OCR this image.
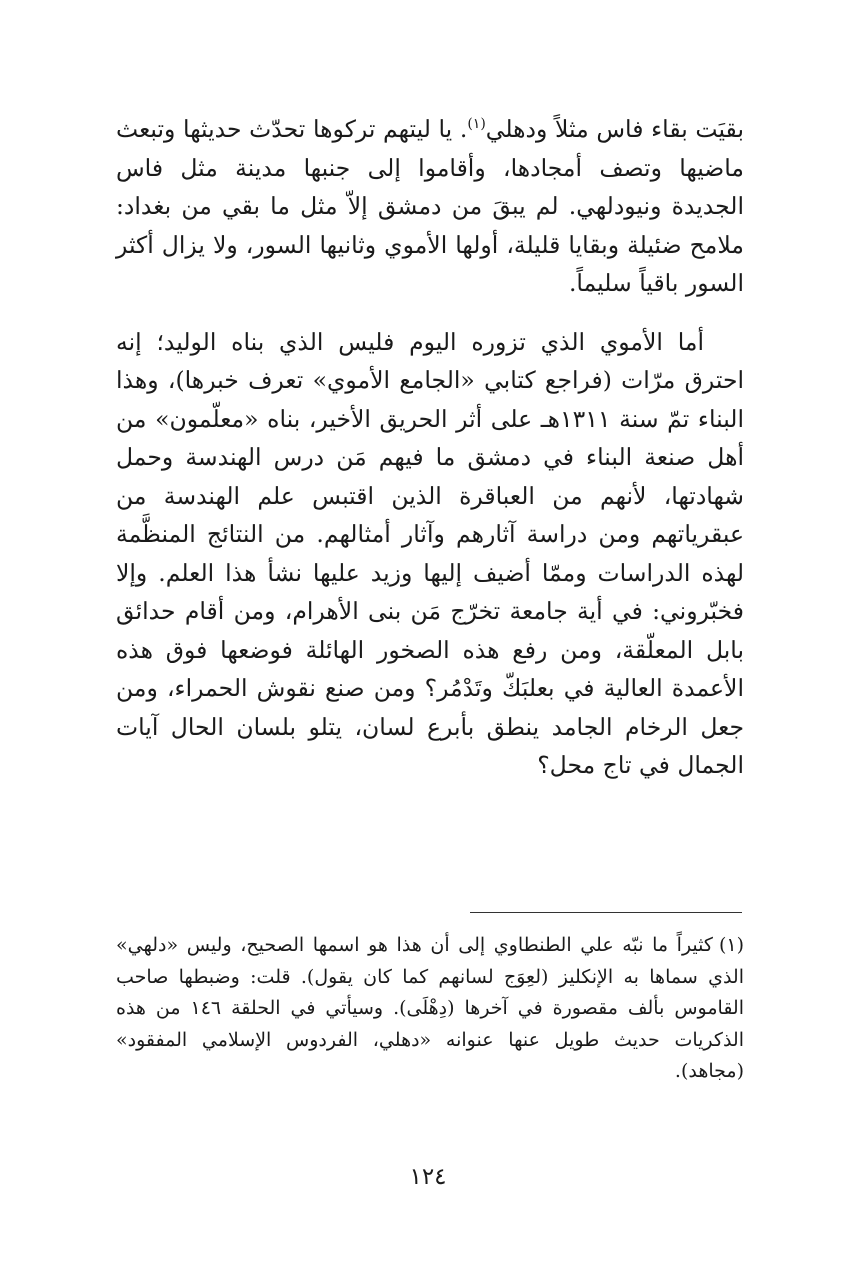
بقيَت بقاء فاس مثلاً ودهلي$^{(١)}$. يا ليتهم تركوها تحدّث حديثها وتبعث ماضيها وتصف أمجادها، وأقاموا إلى جنبها مدينة مثل فاس الجديدة ونيودلهي. لم يبقَ من دمشق إلاّ مثل ما بقي من بغداد: ملامح ضئيلة وبقايا قليلة، أولها الأموي وثانيها السور، ولا يزال أكثر السور باقياً سليماً.

أما الأموي الذي تزوره اليوم فليس الذي بناه الوليد؛ إنه احترق مرّات (فراجع كتابي «الجامع الأموي» تعرف خبرها)، وهذا البناء تمّ سنة ١٣١١هـ على أثر الحريق الأخير، بناه «معلّمون» من أهل صنعة البناء في دمشق ما فيهم مَن درس الهندسة وحمل شهادتها، لأنهم من العباقرة الذين اقتبس علم الهندسة من عبقرياتهم ومن دراسة آثارهم وآثار أمثالهم. من النتائج المنظَّمة لهذه الدراسات وممّا أضيف إليها وزيد عليها نشأ هذا العلم. وإلا فخبّروني: في أية جامعة تخرّج مَن بنى الأهرام، ومن أقام حدائق بابل المعلّقة، ومن رفع هذه الصخور الهائلة فوضعها فوق هذه الأعمدة العالية في بعلبَكّ وتَدْمُر؟ ومن صنع نقوش الحمراء، ومن جعل الرخام الجامد ينطق بأبرع لسان، يتلو بلسان الحال آيات الجمال في تاج محل؟

(١)كثيراً ما نبّه علي الطنطاوي إلى أن هذا هو اسمها الصحيح، وليس «دلهي» الذي سماها به الإنكليز (لعِوَج لسانهم كما كان يقول). قلت: وضبطها صاحب القاموس بألف مقصورة في آخرها (دِهْلَى). وسيأتي في الحلقة ١٤٦ من هذه الذكريات حديث طويل عنها عنوانه «دهلي، الفردوس الإسلامي المفقود» (مجاهد).

١٢٤
